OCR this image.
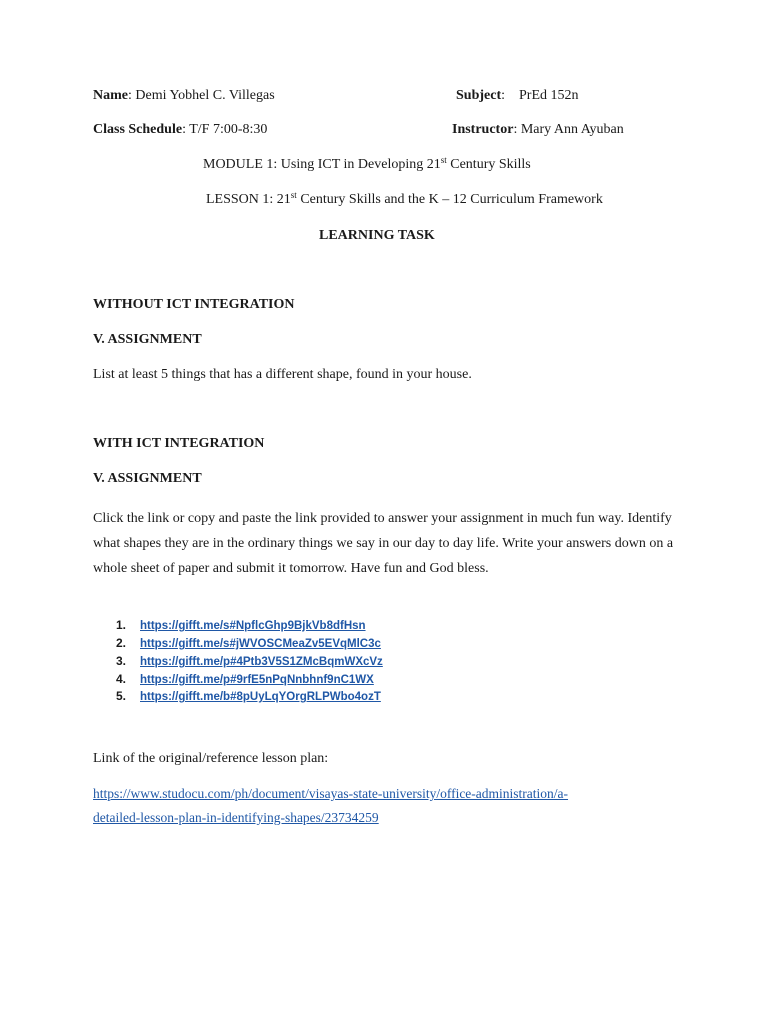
Name: Demi Yobhel C. Villegas	Subject:    PrEd 152n
Class Schedule: T/F 7:00-8:30	Instructor: Mary Ann Ayuban
MODULE 1: Using ICT in Developing 21st Century Skills
LESSON 1: 21st Century Skills and the K – 12 Curriculum Framework
LEARNING TASK
WITHOUT ICT INTEGRATION
V. ASSIGNMENT
List at least 5 things that has a different shape, found in your house.
WITH ICT INTEGRATION
V. ASSIGNMENT
Click the link or copy and paste the link provided to answer your assignment in much fun way. Identify what shapes they are in the ordinary things we say in our day to day life. Write your answers down on a whole sheet of paper and submit it tomorrow. Have fun and God bless.
1. https://gifft.me/s#NpflcGhp9BjkVb8dfHsn
2. https://gifft.me/s#jWVOSCMeaZv5EVqMlC3c
3. https://gifft.me/p#4Ptb3V5S1ZMcBqmWXcVz
4. https://gifft.me/p#9rfE5nPqNnbhnf9nC1WX
5. https://gifft.me/b#8pUyLqYOrgRLPWbo4ozT
Link of the original/reference lesson plan:
https://www.studocu.com/ph/document/visayas-state-university/office-administration/a-
detailed-lesson-plan-in-identifying-shapes/23734259
